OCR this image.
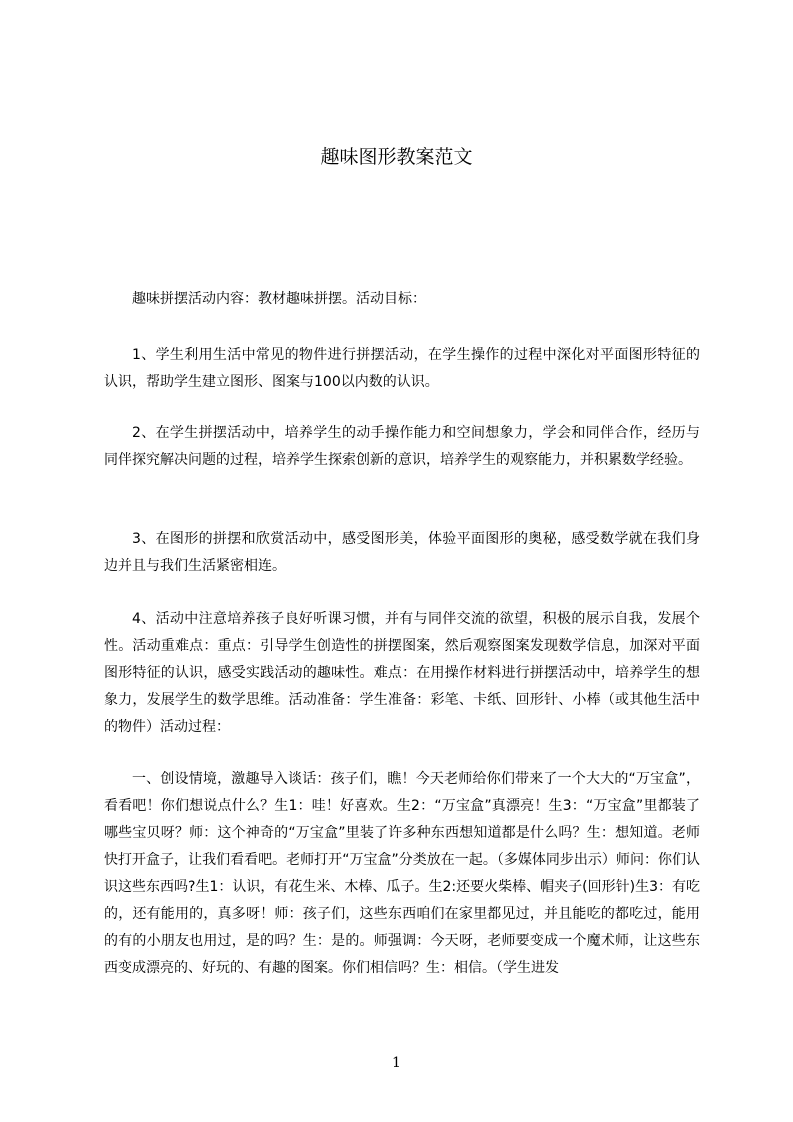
趣味图形教案范文

趣味拼摆活动内容：教材趣味拼摆。活动目标：

1、学生利用生活中常见的物件进行拼摆活动，在学生操作的过程中深化对平面图形特征的认识，帮助学生建立图形、图案与100以内数的认识。

2、在学生拼摆活动中，培养学生的动手操作能力和空间想象力，学会和同伴合作，经历与同伴探究解决问题的过程，培养学生探索创新的意识，培养学生的观察能力，并积累数学经验。

3、在图形的拼摆和欣赏活动中，感受图形美，体验平面图形的奥秘，感受数学就在我们身边并且与我们生活紧密相连。

4、活动中注意培养孩子良好听课习惯，并有与同伴交流的欲望，积极的展示自我，发展个性。活动重难点：重点：引导学生创造性的拼摆图案，然后观察图案发现数学信息，加深对平面图形特征的认识，感受实践活动的趣味性。难点：在用操作材料进行拼摆活动中，培养学生的想象力，发展学生的数学思维。活动准备：学生准备：彩笔、卡纸、回形针、小棒（或其他生活中的物件）活动过程：

一、创设情境，激趣导入谈话：孩子们，瞧！今天老师给你们带来了一个大大的“万宝盒”，看看吧！你们想说点什么？生1：哇！好喜欢。生2：“万宝盒”真漂亮！生3：“万宝盒”里都装了哪些宝贝呀？师：这个神奇的“万宝盒”里装了许多种东西想知道都是什么吗？生：想知道。老师快打开盒子，让我们看看吧。老师打开“万宝盒”分类放在一起。（多媒体同步出示）师问：你们认识这些东西吗?生1：认识，有花生米、木棒、瓜子。生2:还要火柴棒、帽夹子(回形针)生3：有吃的，还有能用的，真多呀！师：孩子们，这些东西咱们在家里都见过，并且能吃的都吃过，能用的有的小朋友也用过，是的吗？生：是的。师强调：今天呀，老师要变成一个魔术师，让这些东西变成漂亮的、好玩的、有趣的图案。你们相信吗？生：相信。（学生进发

1
